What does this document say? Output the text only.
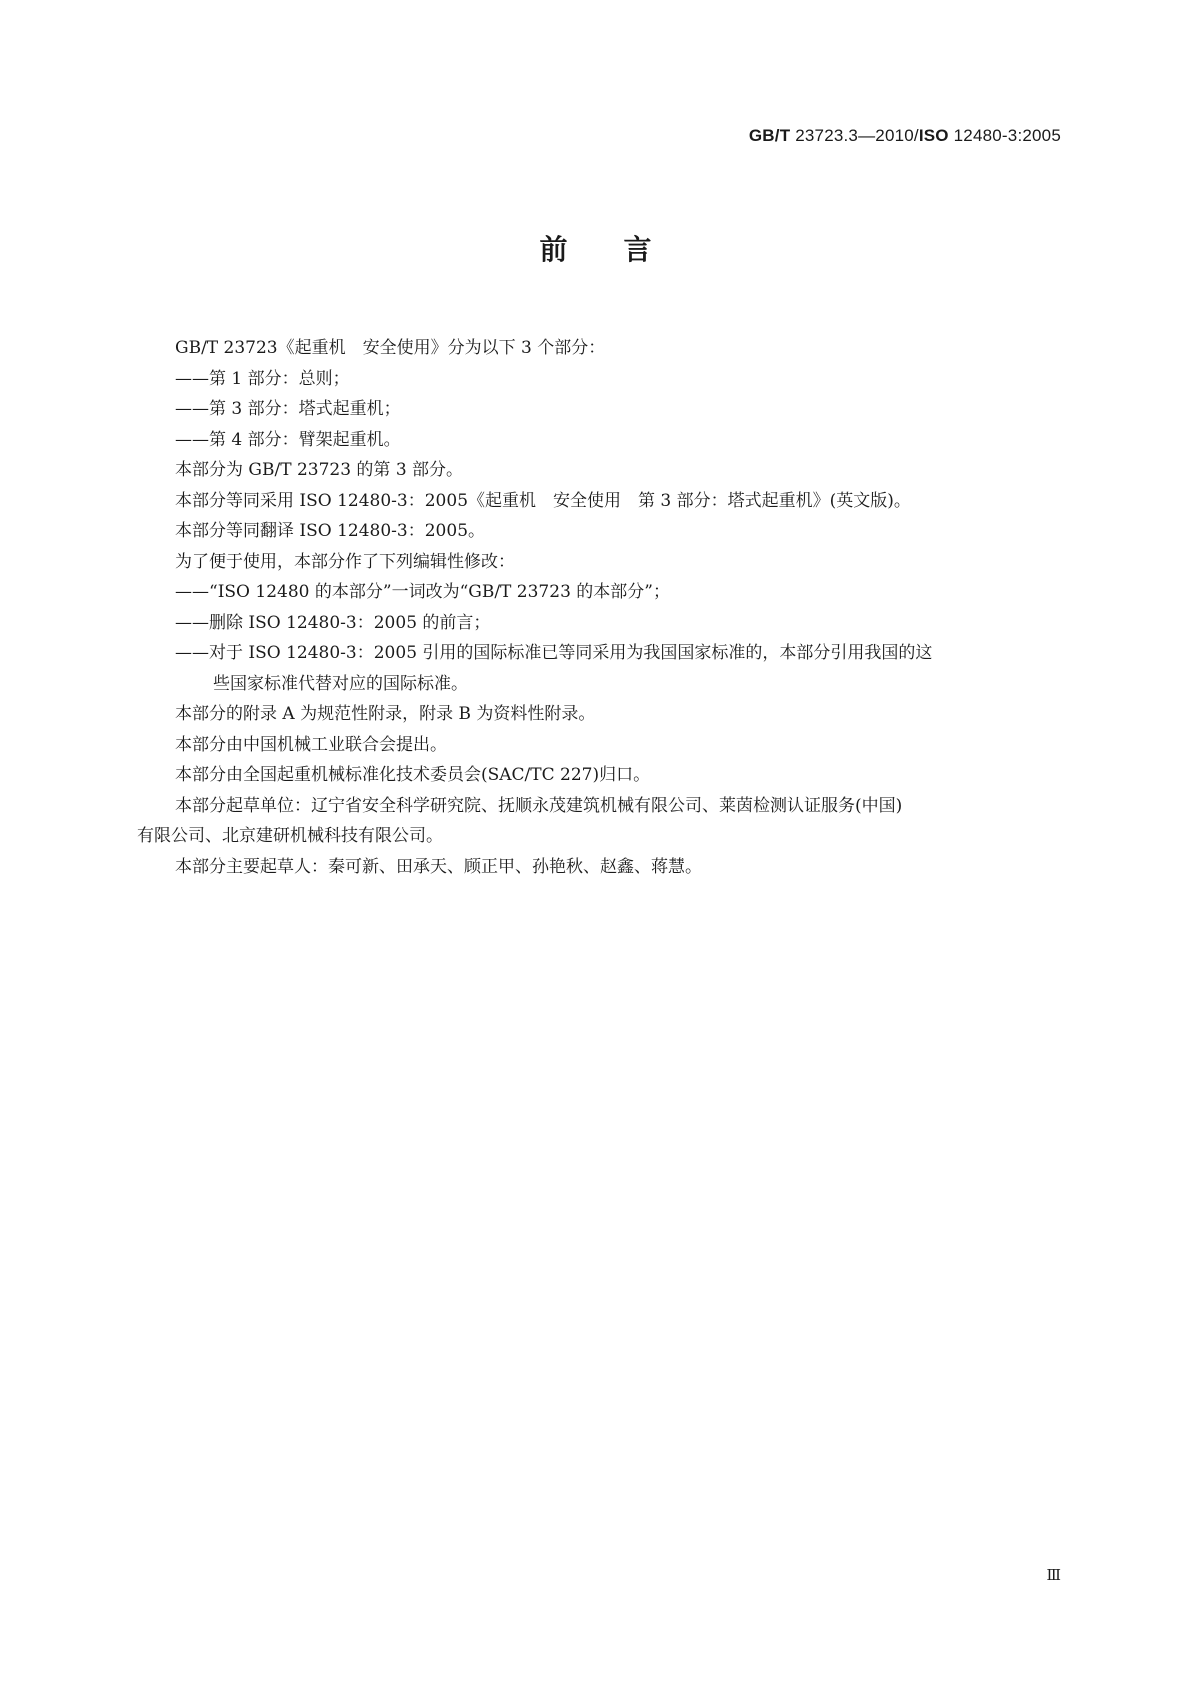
GB/T 23723.3—2010/ISO 12480-3:2005
前言
GB/T 23723《起重机　安全使用》分为以下 3 个部分：
——第 1 部分：总则；
——第 3 部分：塔式起重机；
——第 4 部分：臂架起重机。
本部分为 GB/T 23723 的第 3 部分。
本部分等同采用 ISO 12480-3：2005《起重机　安全使用　第 3 部分：塔式起重机》(英文版)。
本部分等同翻译 ISO 12480-3：2005。
为了便于使用，本部分作了下列编辑性修改：
——“ISO 12480 的本部分”一词改为“GB/T 23723 的本部分”；
——删除 ISO 12480-3：2005 的前言；
——对于 ISO 12480-3：2005 引用的国际标准已等同采用为我国国家标准的，本部分引用我国的这
些国家标准代替对应的国际标准。
本部分的附录 A 为规范性附录，附录 B 为资料性附录。
本部分由中国机械工业联合会提出。
本部分由全国起重机械标准化技术委员会(SAC/TC 227)归口。
本部分起草单位：辽宁省安全科学研究院、抚顺永茂建筑机械有限公司、莱茵检测认证服务(中国)
有限公司、北京建研机械科技有限公司。
本部分主要起草人：秦可新、田承天、顾正甲、孙艳秋、赵鑫、蒋慧。
Ⅲ
